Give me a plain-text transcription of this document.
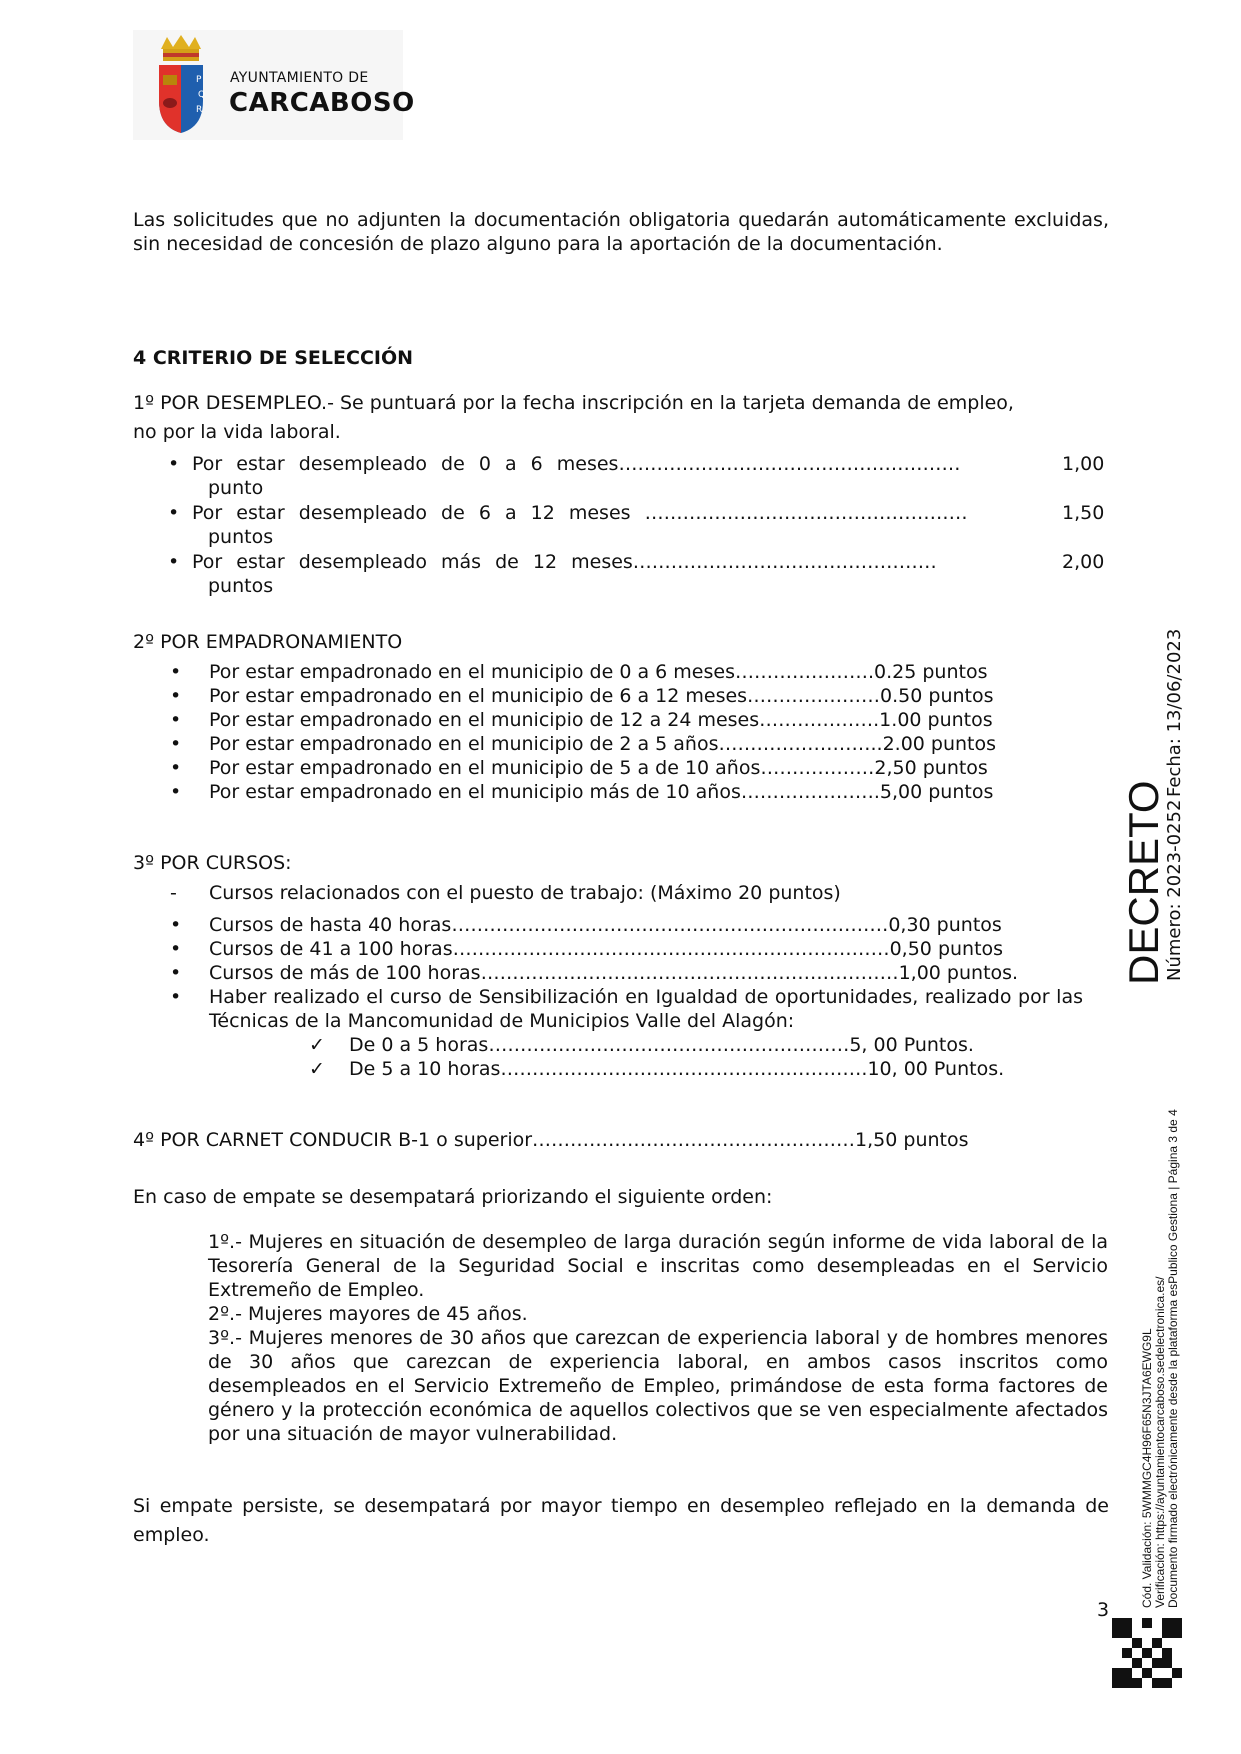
P
Q
R
AYUNTAMIENTO DE
CARCABOSO
Las solicitudes que no adjunten la documentación obligatoria quedarán automáticamente excluidas, sin necesidad de concesión de plazo alguno para la aportación de la documentación.
4 CRITERIO DE SELECCIÓN
1º POR DESEMPLEO.- Se puntuará por la fecha inscripción en la tarjeta demanda de empleo,
no por la vida laboral.
• Por estar desempleado de 0 a 6 meses………………………………………………	1,00
punto
• Por estar desempleado de 6 a 12 meses ……………………………………………	1,50
puntos
• Por estar desempleado más de 12 meses…………………………………………	2,00
puntos
2º POR EMPADRONAMIENTO
• Por estar empadronado en el municipio de 0 a 6 meses………………….0.25 puntos
• Por estar empadronado en el municipio de 6 a 12 meses…………………0.50 puntos
• Por estar empadronado en el municipio de 12 a 24 meses……………….1.00 puntos
• Por estar empadronado en el municipio de 2 a 5 años……………………..2.00 puntos
• Por estar empadronado en el municipio de 5 a de 10 años………………2,50 puntos
• Por estar empadronado en el municipio más de 10 años………………….5,00 puntos
3º POR CURSOS:
- Cursos relacionados con el puesto de trabajo: (Máximo 20 puntos)
• Cursos de hasta 40 horas……………………………………………………………0,30 puntos
• Cursos de 41 a 100 horas……………………………………………………………0,50 puntos
• Cursos de más de 100 horas…………………………………………………………1,00 puntos.
• Haber realizado el curso de Sensibilización en Igualdad de oportunidades, realizado por las Técnicas de la Mancomunidad de Municipios Valle del Alagón:
✓ De 0 a 5 horas…………………………………………………5, 00 Puntos.
✓ De 5 a 10 horas………………………………………………….10, 00 Puntos.
4º POR CARNET CONDUCIR B-1 o superior……………………………………………1,50 puntos
En caso de empate se desempatará priorizando el siguiente orden:
1º.- Mujeres en situación de desempleo de larga duración según informe de vida laboral de la Tesorería General de la Seguridad Social e inscritas como desempleadas en el Servicio Extremeño de Empleo.
2º.- Mujeres mayores de 45 años.
3º.- Mujeres menores de 30 años que carezcan de experiencia laboral y de hombres menores de 30 años que carezcan de experiencia laboral, en ambos casos inscritos como desempleados en el Servicio Extremeño de Empleo, primándose de esta forma factores de género y la protección económica de aquellos colectivos que se ven especialmente afectados por una situación de mayor vulnerabilidad.
Si empate persiste, se desempatará por mayor tiempo en desempleo reflejado en la demanda de empleo.
DECRETO
Número: 2023-0252
Fecha: 13/06/2023
Cód. Validación: 5WMMGC4H96F65N3JTA6EWG9L Verificación: https://ayuntamientocarcaboso.sedelectronica.es/ Documento firmado electrónicamente desde la plataforma esPublico Gestiona | Página 3 de 4
3
